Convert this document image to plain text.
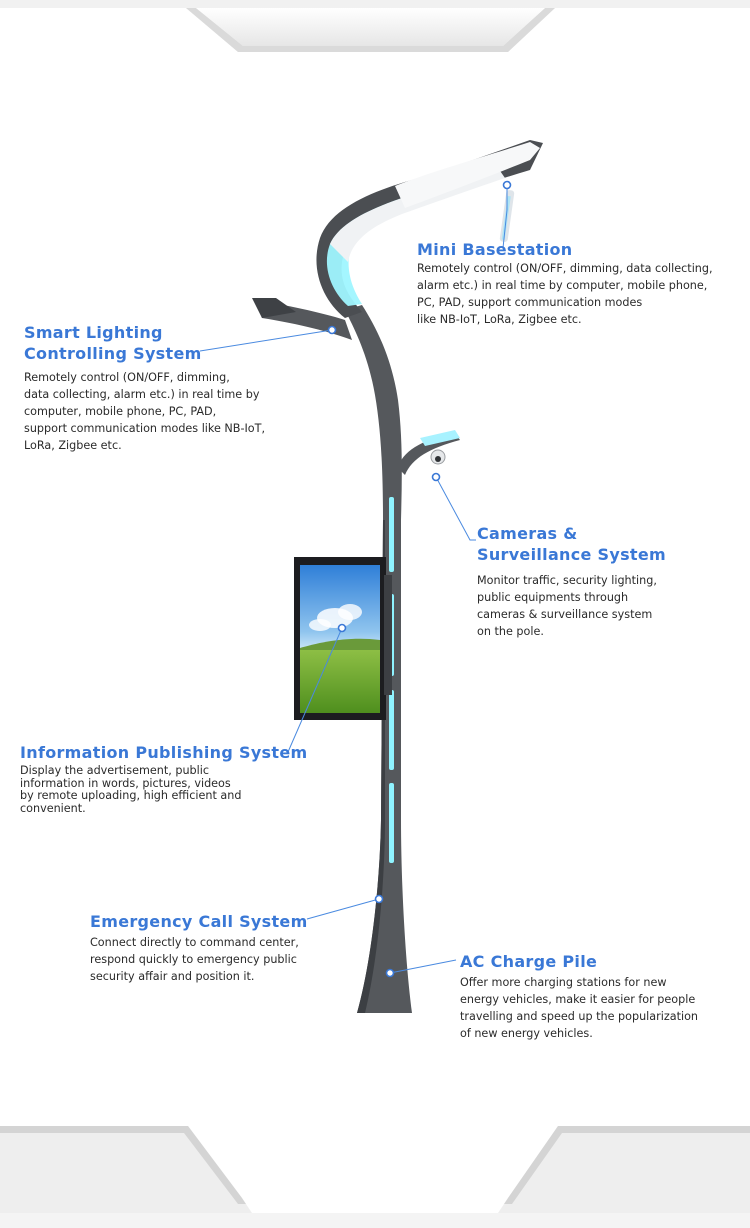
Mini Basestation
Remotely control (ON/OFF, dimming, data collecting,
alarm etc.) in real time by computer, mobile phone,
PC, PAD, support communication modes
like NB-IoT, LoRa, Zigbee etc.
Smart Lighting
Controlling System
Remotely control (ON/OFF, dimming,
data collecting, alarm etc.) in real time by
computer, mobile phone, PC, PAD,
support communication modes like NB-IoT,
LoRa, Zigbee etc.
Cameras &
Surveillance System
Monitor traffic, security lighting,
public equipments through
cameras & surveillance system
on the pole.
Information Publishing System
Display the advertisement, public
information in words, pictures, videos
by remote uploading, high efficient and
convenient.
Emergency Call System
Connect directly to command center,
respond quickly to emergency public
security affair and position it.
AC Charge Pile
Offer more charging stations for new
energy vehicles, make it easier for people
travelling and speed up the popularization
of new energy vehicles.
